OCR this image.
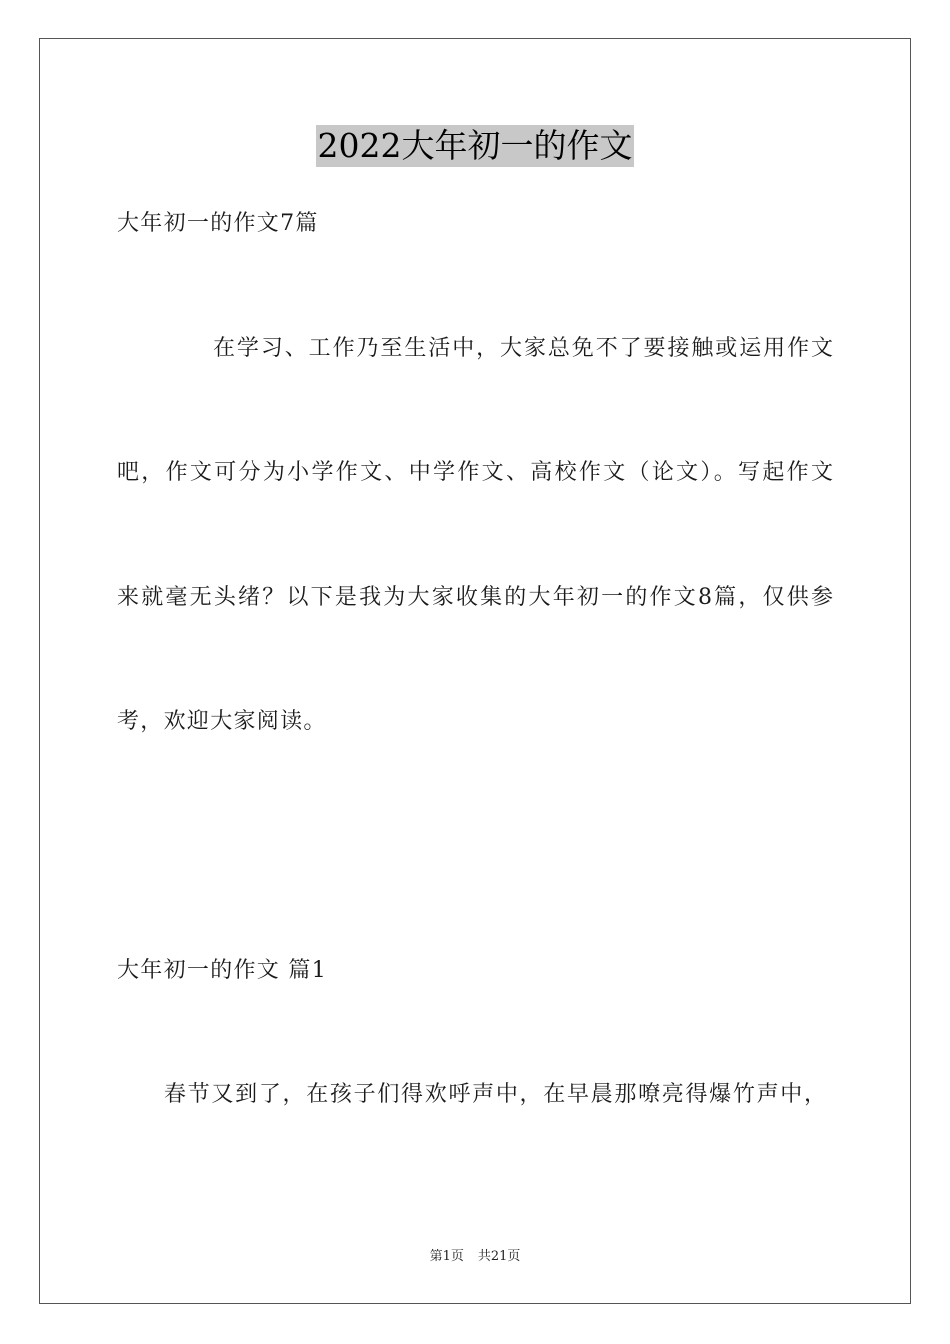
2022大年初一的作文
大年初一的作文7篇
在学习、工作乃至生活中，大家总免不了要接触或运用作文
吧，作文可分为小学作文、中学作文、高校作文（论文）。写起作文
来就毫无头绪？以下是我为大家收集的大年初一的作文8篇，仅供参
考，欢迎大家阅读。
大年初一的作文 篇1
春节又到了，在孩子们得欢呼声中，在早晨那嘹亮得爆竹声中，
第1页 共21页
